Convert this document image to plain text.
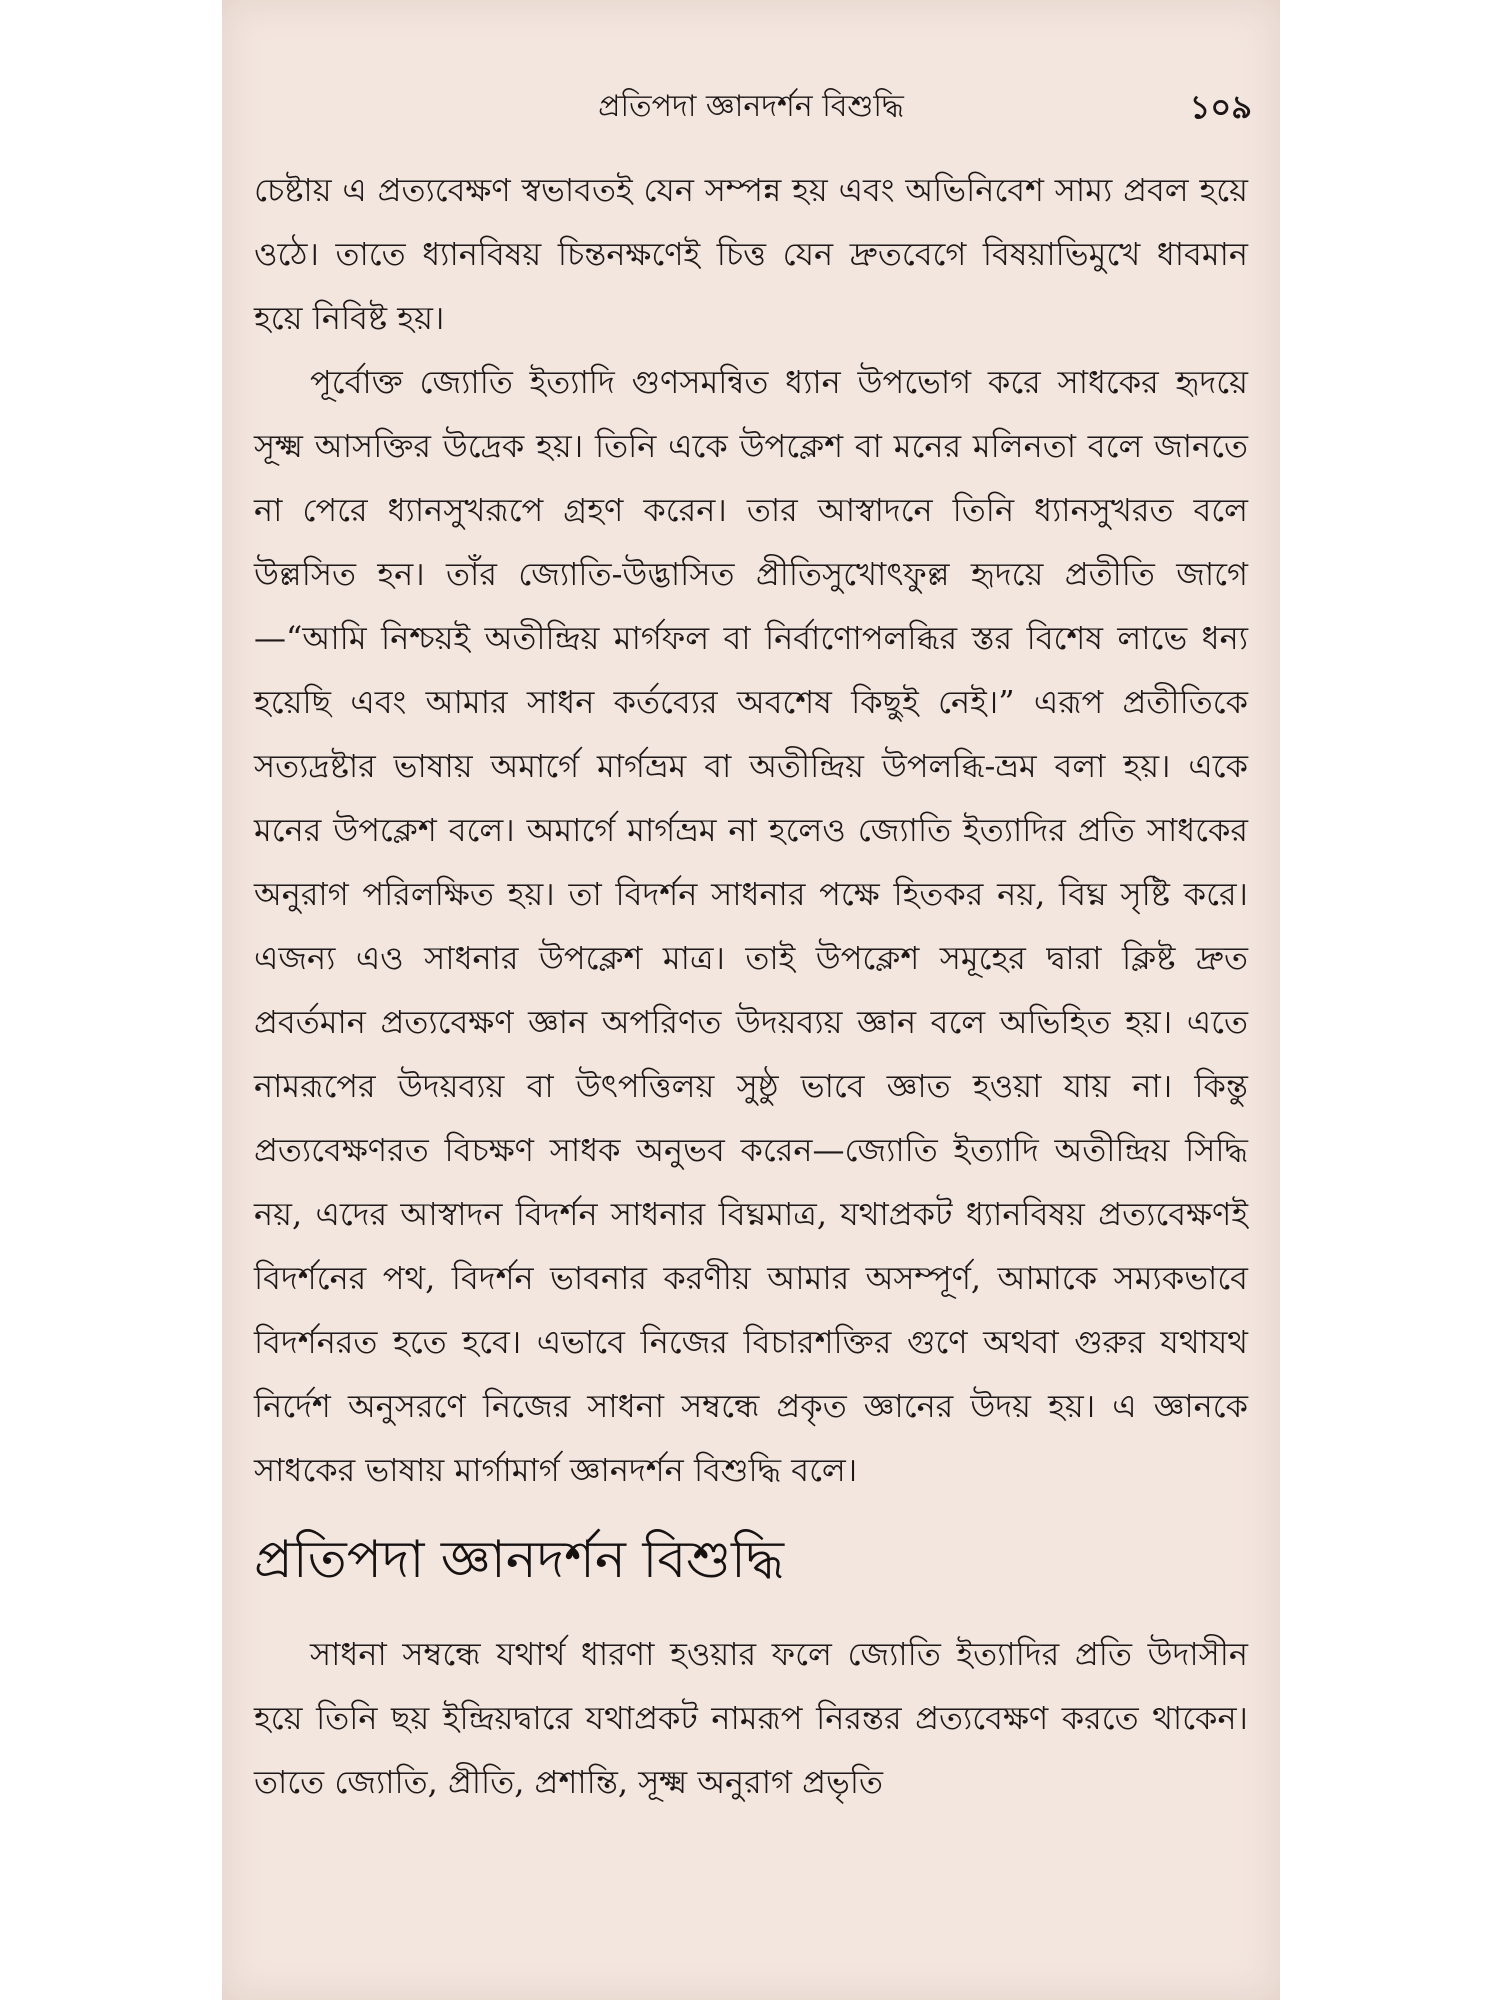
প্রতিপদা জ্ঞানদর্শন বিশুদ্ধি	১০৯

চেষ্টায় এ প্রত্যবেক্ষণ স্বভাবতই যেন সম্পন্ন হয় এবং অভিনিবেশ সাম্য প্রবল হয়ে ওঠে। তাতে ধ্যানবিষয় চিন্তনক্ষণেই চিত্ত যেন দ্রুতবেগে বিষয়াভিমুখে ধাবমান হয়ে নিবিষ্ট হয়।

পূর্বোক্ত জ্যোতি ইত্যাদি গুণসমন্বিত ধ্যান উপভোগ করে সাধকের হৃদয়ে সূক্ষ্ম আসক্তির উদ্রেক হয়। তিনি একে উপক্লেশ বা মনের মলিনতা বলে জানতে না পেরে ধ্যানসুখরূপে গ্রহণ করেন। তার আস্বাদনে তিনি ধ্যানসুখরত বলে উল্লসিত হন। তাঁর জ্যোতি-উদ্ভাসিত প্রীতিসুখোৎফুল্ল হৃদয়ে প্রতীতি জাগে—“আমি নিশ্চয়ই অতীন্দ্রিয় মার্গফল বা নির্বাণোপলব্ধির স্তর বিশেষ লাভে ধন্য হয়েছি এবং আমার সাধন কর্তব্যের অবশেষ কিছুই নেই।” এরূপ প্রতীতিকে সত্যদ্রষ্টার ভাষায় অমার্গে মার্গভ্রম বা অতীন্দ্রিয় উপলব্ধি-ভ্রম বলা হয়। একে মনের উপক্লেশ বলে। অমার্গে মার্গভ্রম না হলেও জ্যোতি ইত্যাদির প্রতি সাধকের অনুরাগ পরিলক্ষিত হয়। তা বিদর্শন সাধনার পক্ষে হিতকর নয়, বিঘ্ন সৃষ্টি করে। এজন্য এও সাধনার উপক্লেশ মাত্র। তাই উপক্লেশ সমূহের দ্বারা ক্লিষ্ট দ্রুত প্রবর্তমান প্রত্যবেক্ষণ জ্ঞান অপরিণত উদয়ব্যয় জ্ঞান বলে অভিহিত হয়। এতে নামরূপের উদয়ব্যয় বা উৎপত্তিলয় সুষ্ঠু ভাবে জ্ঞাত হওয়া যায় না। কিন্তু প্রত্যবেক্ষণরত বিচক্ষণ সাধক অনুভব করেন—জ্যোতি ইত্যাদি অতীন্দ্রিয় সিদ্ধি নয়, এদের আস্বাদন বিদর্শন সাধনার বিঘ্নমাত্র, যথাপ্রকট ধ্যানবিষয় প্রত্যবেক্ষণই বিদর্শনের পথ, বিদর্শন ভাবনার করণীয় আমার অসম্পূর্ণ, আমাকে সম্যকভাবে বিদর্শনরত হতে হবে। এভাবে নিজের বিচারশক্তির গুণে অথবা গুরুর যথাযথ নির্দেশ অনুসরণে নিজের সাধনা সম্বন্ধে প্রকৃত জ্ঞানের উদয় হয়। এ জ্ঞানকে সাধকের ভাষায় মার্গামার্গ জ্ঞানদর্শন বিশুদ্ধি বলে।

প্রতিপদা জ্ঞানদর্শন বিশুদ্ধি

সাধনা সম্বন্ধে যথার্থ ধারণা হওয়ার ফলে জ্যোতি ইত্যাদির প্রতি উদাসীন হয়ে তিনি ছয় ইন্দ্রিয়দ্বারে যথাপ্রকট নামরূপ নিরন্তর প্রত্যবেক্ষণ করতে থাকেন। তাতে জ্যোতি, প্রীতি, প্রশান্তি, সূক্ষ্ম অনুরাগ প্রভৃতি
